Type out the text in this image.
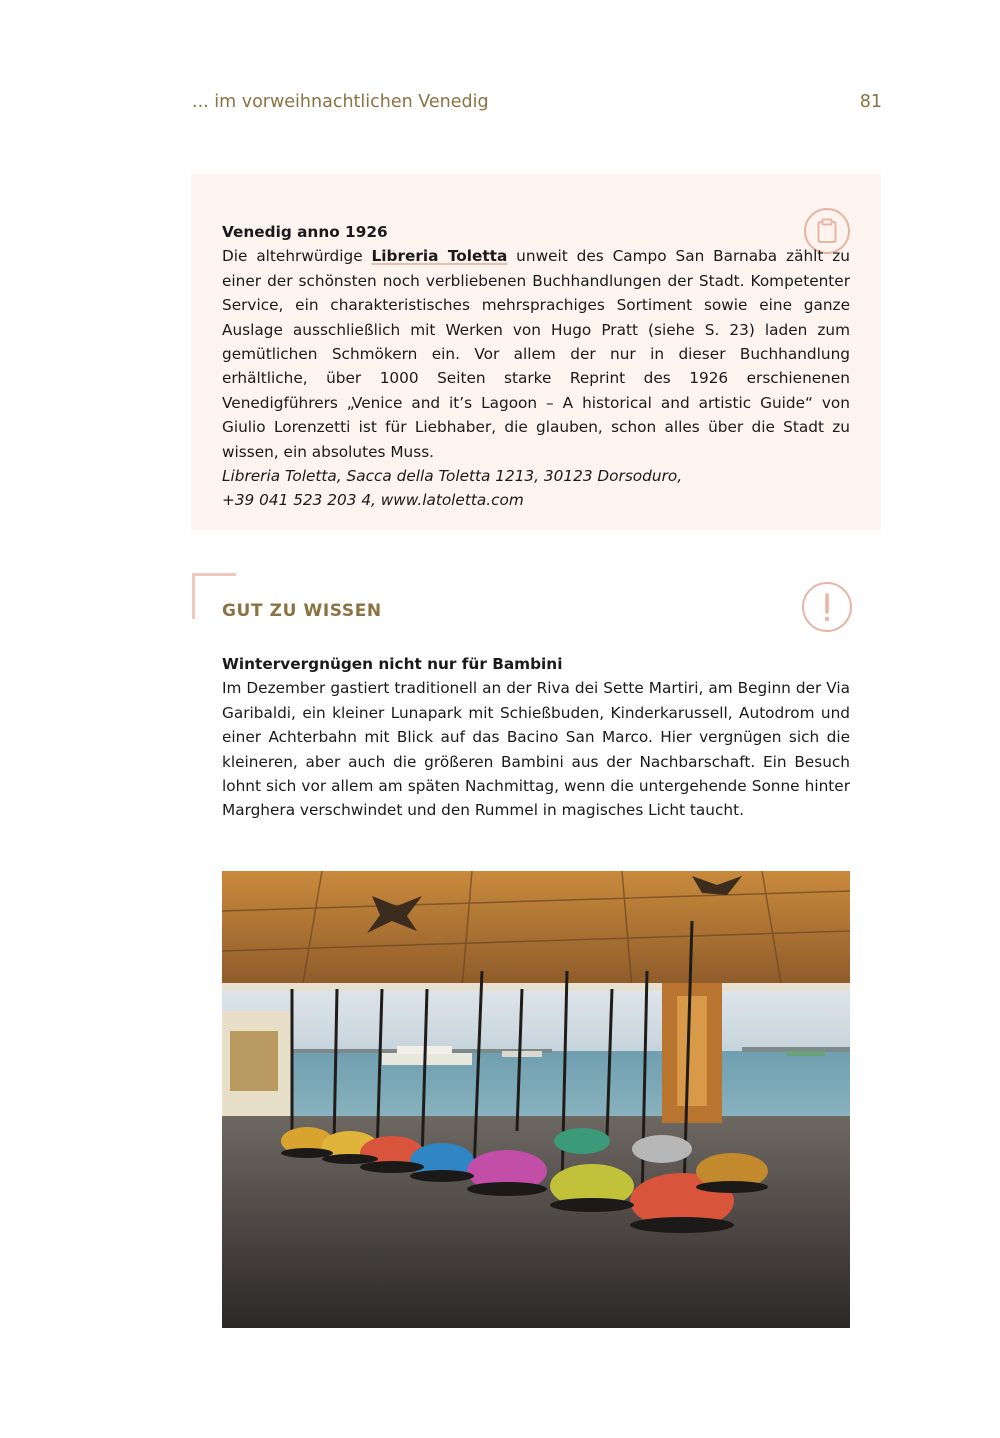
... im vorweihnachtlichen Venedig	81

Venedig anno 1926

Die altehrwürdige Libreria Toletta unweit des Campo San Barnaba zählt zu einer der schönsten noch verbliebenen Buchhandlungen der Stadt. Kompetenter Service, ein charakteristisches mehrsprachiges Sortiment sowie eine ganze Auslage ausschließlich mit Werken von Hugo Pratt (siehe S. 23) laden zum gemütlichen Schmökern ein. Vor allem der nur in dieser Buchhandlung erhältliche, über 1000 Seiten starke Reprint des 1926 erschienenen Venedigführers „Venice and it’s Lagoon – A historical and artistic Guide“ von Giulio Lorenzetti ist für Liebhaber, die glauben, schon alles über die Stadt zu wissen, ein absolutes Muss.

Libreria Toletta, Sacca della Toletta 1213, 30123 Dorsoduro,

+39 041 523 203 4, www.latoletta.com

GUT ZU WISSEN

Wintervergnügen nicht nur für Bambini

Im Dezember gastiert traditionell an der Riva dei Sette Martiri, am Beginn der Via Garibaldi, ein kleiner Lunapark mit Schießbuden, Kinderkarussell, Autodrom und einer Achterbahn mit Blick auf das Bacino San Marco. Hier vergnügen sich die kleineren, aber auch die größeren Bambini aus der Nachbarschaft. Ein Besuch lohnt sich vor allem am späten Nachmittag, wenn die untergehende Sonne hinter Marghera verschwindet und den Rummel in magisches Licht taucht.
